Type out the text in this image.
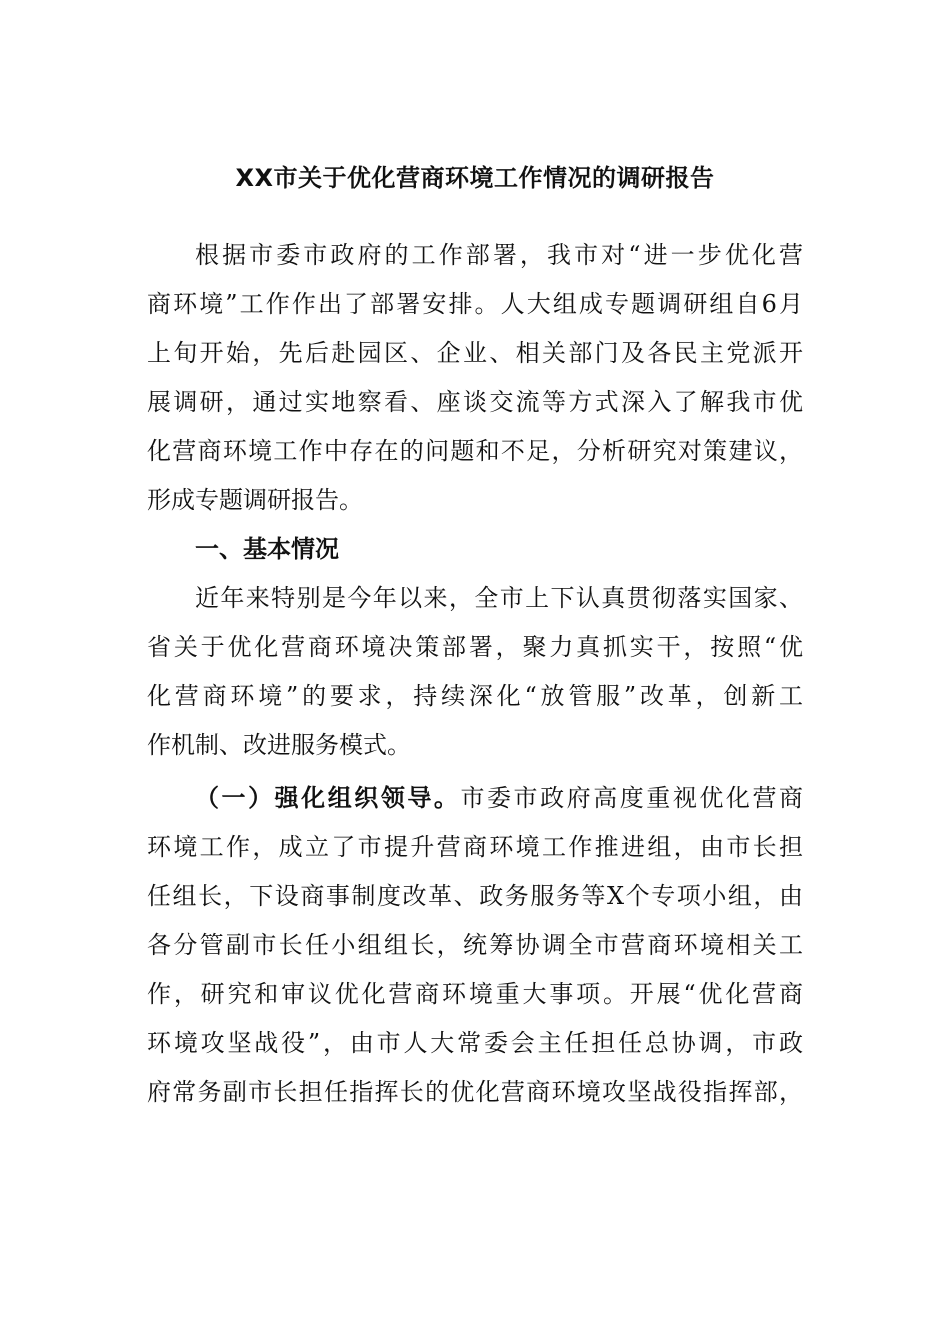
XX市关于优化营商环境工作情况的调研报告

根据市委市政府的工作部署，我市对“进一步优化营

商环境”工作作出了部署安排。人大组成专题调研组自6月

上旬开始，先后赴园区、企业、相关部门及各民主党派开

展调研，通过实地察看、座谈交流等方式深入了解我市优

化营商环境工作中存在的问题和不足，分析研究对策建议，

形成专题调研报告。

一、基本情况

近年来特别是今年以来，全市上下认真贯彻落实国家、

省关于优化营商环境决策部署，聚力真抓实干，按照“优

化营商环境”的要求，持续深化“放管服”改革，创新工

作机制、改进服务模式。

（一）强化组织领导。市委市政府高度重视优化营商

环境工作，成立了市提升营商环境工作推进组，由市长担

任组长，下设商事制度改革、政务服务等X个专项小组，由

各分管副市长任小组组长，统筹协调全市营商环境相关工

作，研究和审议优化营商环境重大事项。开展“优化营商

环境攻坚战役”，由市人大常委会主任担任总协调，市政

府常务副市长担任指挥长的优化营商环境攻坚战役指挥部，
